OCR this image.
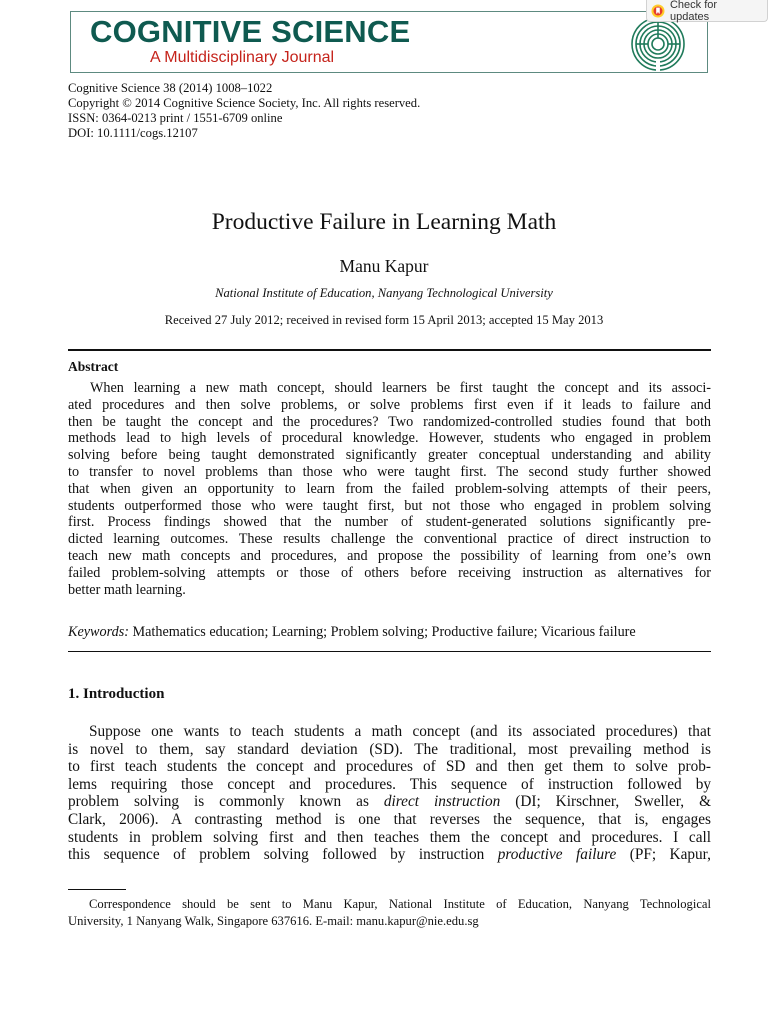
COGNITIVE SCIENCE
A Multidisciplinary Journal
Check for updates
Cognitive Science 38 (2014) 1008–1022
Copyright © 2014 Cognitive Science Society, Inc. All rights reserved.
ISSN: 0364-0213 print / 1551-6709 online
DOI: 10.1111/cogs.12107
Productive Failure in Learning Math
Manu Kapur
National Institute of Education, Nanyang Technological University
Received 27 July 2012; received in revised form 15 April 2013; accepted 15 May 2013
Abstract
When learning a new math concept, should learners be first taught the concept and its associ-
ated procedures and then solve problems, or solve problems first even if it leads to failure and
then be taught the concept and the procedures? Two randomized-controlled studies found that both
methods lead to high levels of procedural knowledge. However, students who engaged in problem
solving before being taught demonstrated significantly greater conceptual understanding and ability
to transfer to novel problems than those who were taught first. The second study further showed
that when given an opportunity to learn from the failed problem-solving attempts of their peers,
students outperformed those who were taught first, but not those who engaged in problem solving
first. Process findings showed that the number of student-generated solutions significantly pre-
dicted learning outcomes. These results challenge the conventional practice of direct instruction to
teach new math concepts and procedures, and propose the possibility of learning from one’s own
failed problem-solving attempts or those of others before receiving instruction as alternatives for
better math learning.
Keywords: Mathematics education; Learning; Problem solving; Productive failure; Vicarious failure
1. Introduction
Suppose one wants to teach students a math concept (and its associated procedures) that
is novel to them, say standard deviation (SD). The traditional, most prevailing method is
to first teach students the concept and procedures of SD and then get them to solve prob-
lems requiring those concept and procedures. This sequence of instruction followed by
problem solving is commonly known as direct instruction (DI; Kirschner, Sweller, &
Clark, 2006). A contrasting method is one that reverses the sequence, that is, engages
students in problem solving first and then teaches them the concept and procedures. I call
this sequence of problem solving followed by instruction productive failure (PF; Kapur,
Correspondence should be sent to Manu Kapur, National Institute of Education, Nanyang Technological
University, 1 Nanyang Walk, Singapore 637616. E-mail: manu.kapur@nie.edu.sg
